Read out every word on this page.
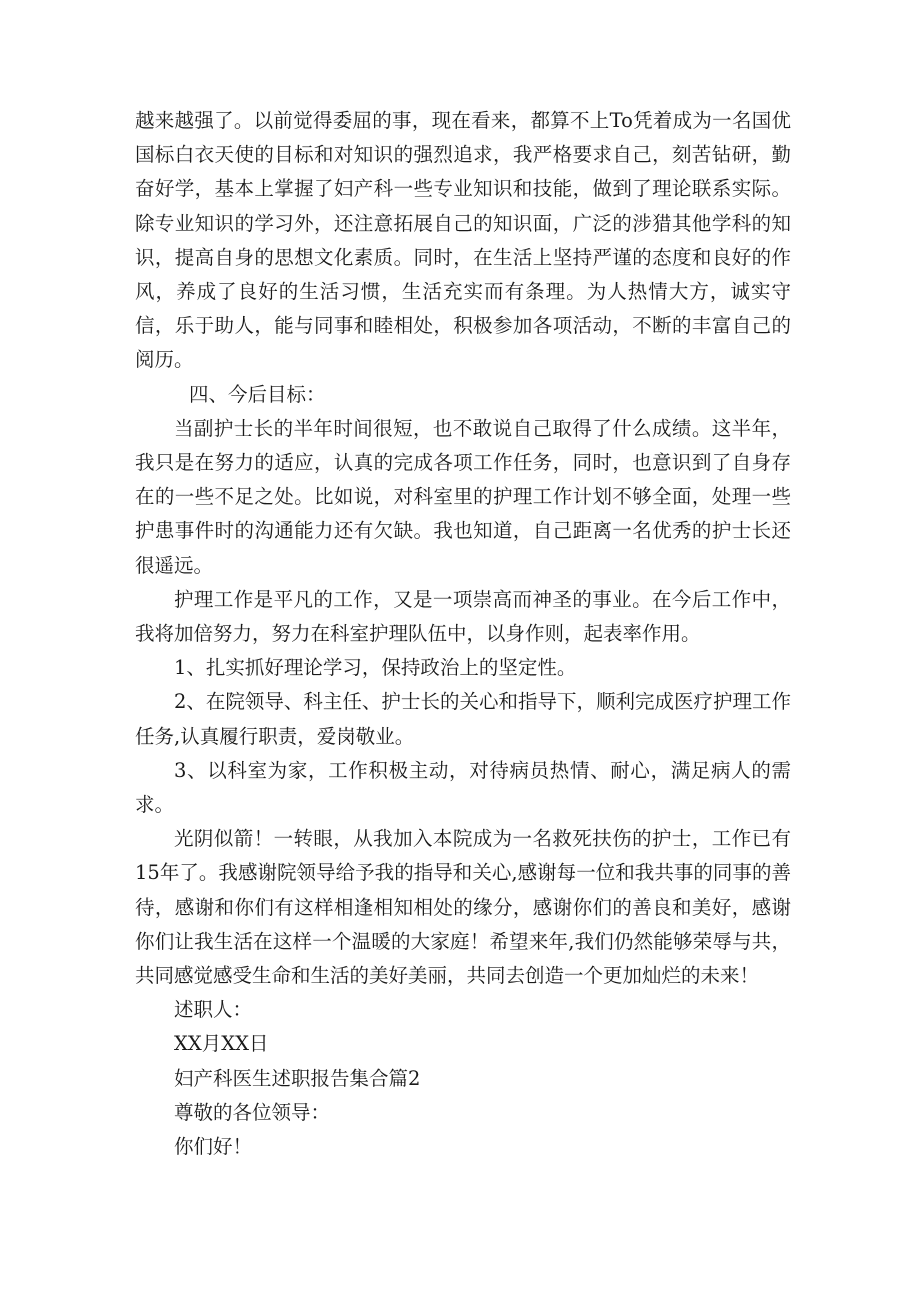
越来越强了。以前觉得委屈的事，现在看来，都算不上To凭着成为一名国优国标白衣天使的目标和对知识的强烈追求，我严格要求自己，刻苦钻研，勤奋好学，基本上掌握了妇产科一些专业知识和技能，做到了理论联系实际。除专业知识的学习外，还注意拓展自己的知识面，广泛的涉猎其他学科的知识，提高自身的思想文化素质。同时，在生活上坚持严谨的态度和良好的作风，养成了良好的生活习惯，生活充实而有条理。为人热情大方，诚实守信，乐于助人，能与同事和睦相处，积极参加各项活动，不断的丰富自己的阅历。

四、今后目标：

当副护士长的半年时间很短，也不敢说自己取得了什么成绩。这半年，我只是在努力的适应，认真的完成各项工作任务，同时，也意识到了自身存在的一些不足之处。比如说，对科室里的护理工作计划不够全面，处理一些护患事件时的沟通能力还有欠缺。我也知道，自己距离一名优秀的护士长还很遥远。

护理工作是平凡的工作，又是一项崇高而神圣的事业。在今后工作中，我将加倍努力，努力在科室护理队伍中，以身作则，起表率作用。

1、扎实抓好理论学习，保持政治上的坚定性。

2、在院领导、科主任、护士长的关心和指导下，顺利完成医疗护理工作任务,认真履行职责，爱岗敬业。

3、以科室为家，工作积极主动，对待病员热情、耐心，满足病人的需求。

光阴似箭！一转眼，从我加入本院成为一名救死扶伤的护士，工作已有15年了。我感谢院领导给予我的指导和关心,感谢每一位和我共事的同事的善待，感谢和你们有这样相逢相知相处的缘分，感谢你们的善良和美好，感谢你们让我生活在这样一个温暖的大家庭！希望来年,我们仍然能够荣辱与共，共同感觉感受生命和生活的美好美丽，共同去创造一个更加灿烂的未来！

述职人：

XX月XX日

妇产科医生述职报告集合篇2

尊敬的各位领导：

你们好！
